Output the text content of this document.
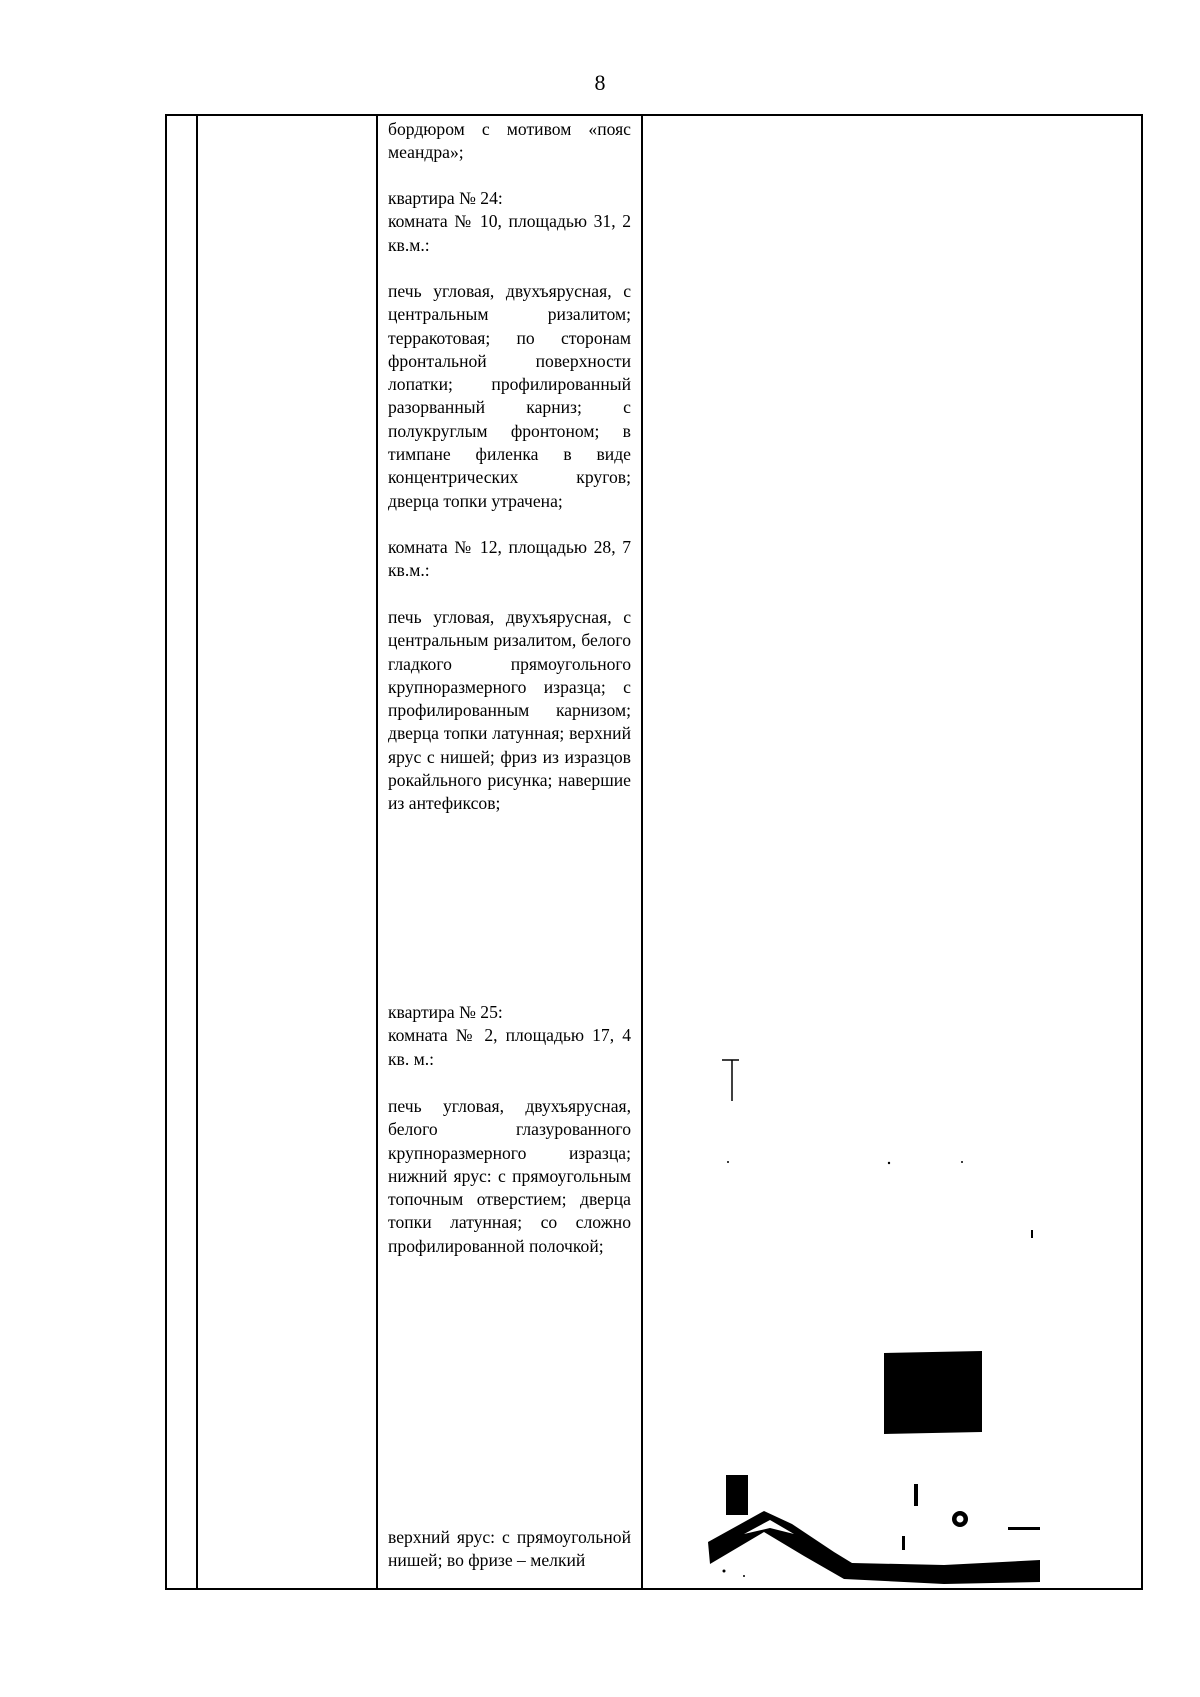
8

бордюром с мотивом «пояс меандра»;

квартира № 24:

комната № 10, площадью 31, 2 кв.м.:

печь угловая, двухъярусная, с центральным ризалитом; терракотовая; по сторонам фронтальной поверхности лопатки; профилированный разорванный карниз; с полукруглым фронтоном; в тимпане филенка в виде концентрических кругов; дверца топки утрачена;

комната № 12, площадью 28, 7 кв.м.:

печь угловая, двухъярусная, с центральным ризалитом, белого гладкого прямоугольного крупноразмерного изразца; с профилированным карнизом; дверца топки латунная; верхний ярус с нишей; фриз из изразцов рокайльного рисунка; навершие из антефиксов;

квартира № 25:

комната № 2, площадью 17, 4 кв. м.:

печь угловая, двухъярусная, белого глазурованного крупноразмерного изразца; нижний ярус: с прямоугольным топочным отверстием; дверца топки латунная; со сложно профилированной полочкой;

верхний ярус: с прямоугольной нишей; во фризе – мелкий
